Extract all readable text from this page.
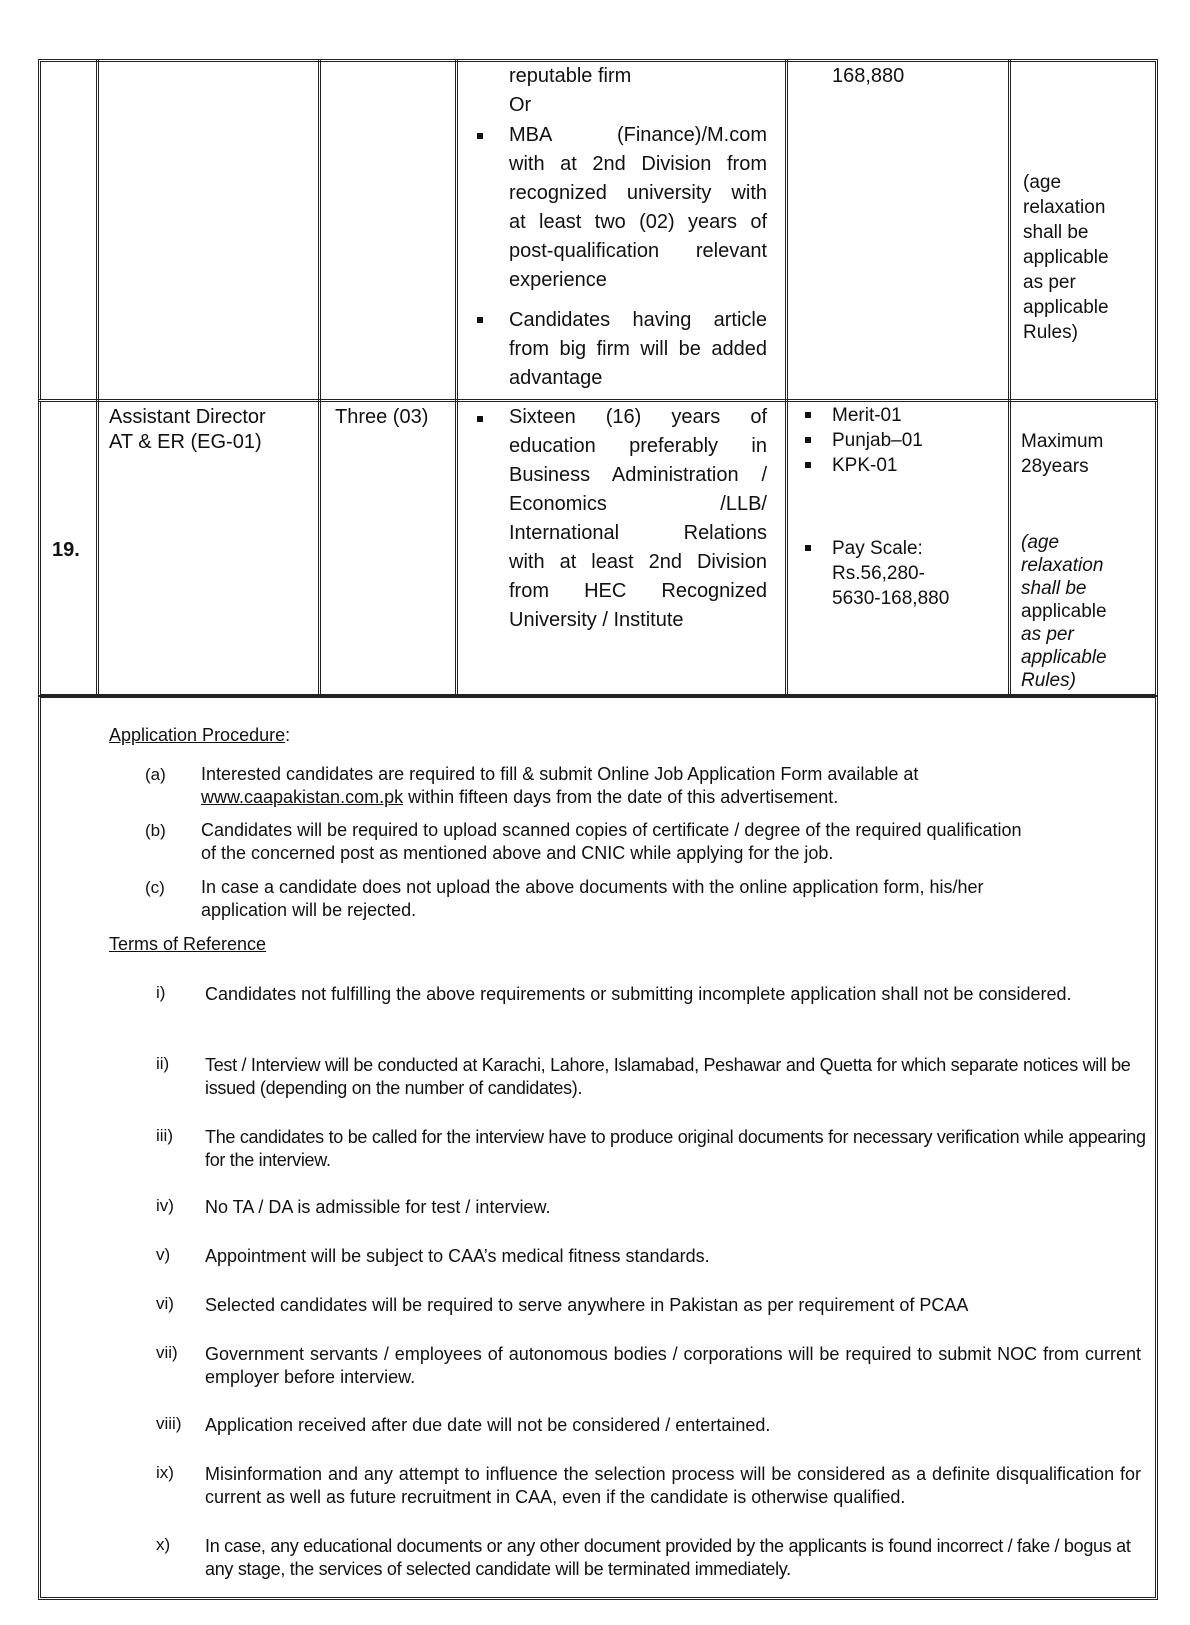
reputable firm
Or
MBA (Finance)/M.com
with at 2nd Division from
recognized university with
at least two (02) years of
post-qualification relevant
experience
Candidates having article
from big firm will be added
advantage
168,880
(age
relaxation
shall be
applicable
as per
applicable
Rules)
19.
Assistant Director
AT & ER (EG-01)
Three (03)	Sixteen (16) years of
education preferably in
Business Administration /
Economics /LLB/
International Relations
with at least 2nd Division
from HEC Recognized
University / Institute
Merit-01
Punjab–01
KPK-01
Pay Scale:
Rs.56,280-
5630-168,880
Maximum
28years
(age
relaxation
shall be
applicable
as per
applicable
Rules)
Application Procedure:
(a) Interested candidates are required to fill & submit Online Job Application Form available at
www.caapakistan.com.pk within fifteen days from the date of this advertisement.
(b) Candidates will be required to upload scanned copies of certificate / degree of the required qualification
of the concerned post as mentioned above and CNIC while applying for the job.
(c) In case a candidate does not upload the above documents with the online application form, his/her
application will be rejected.
Terms of Reference
i) Candidates not fulfilling the above requirements or submitting incomplete application shall not be considered.
ii) Test / Interview will be conducted at Karachi, Lahore, Islamabad, Peshawar and Quetta for which separate notices will be issued (depending on the number of candidates).
iii) The candidates to be called for the interview have to produce original documents for necessary verification while appearing for the interview.
iv) No TA / DA is admissible for test / interview.
v) Appointment will be subject to CAA’s medical fitness standards.
vi) Selected candidates will be required to serve anywhere in Pakistan as per requirement of PCAA
vii) Government servants / employees of autonomous bodies / corporations will be required to submit NOC from current employer before interview.
viii) Application received after due date will not be considered / entertained.
ix) Misinformation and any attempt to influence the selection process will be considered as a definite disqualification for current as well as future recruitment in CAA, even if the candidate is otherwise qualified.
x) In case, any educational documents or any other document provided by the applicants is found incorrect / fake / bogus at any stage, the services of selected candidate will be terminated immediately.
